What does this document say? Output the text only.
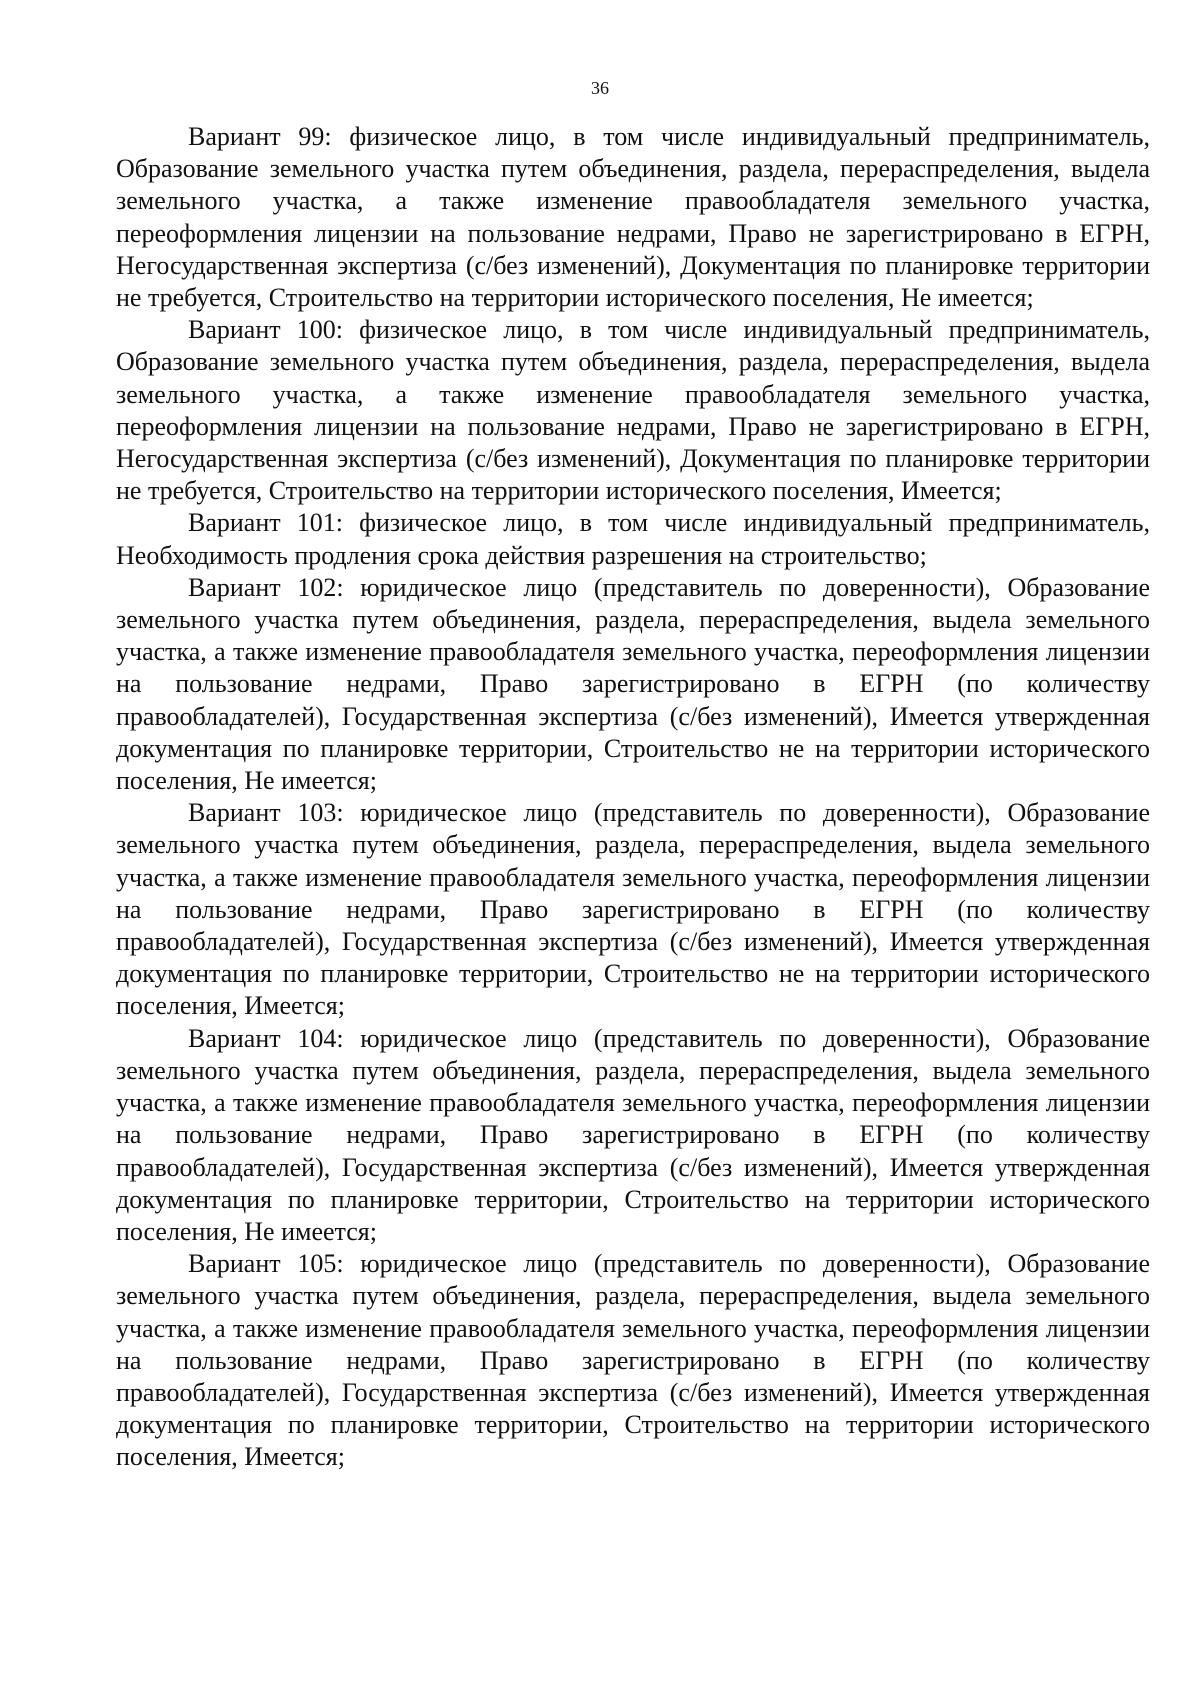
36

Вариант 99: физическое лицо, в том числе индивидуальный предприниматель, Образование земельного участка путем объединения, раздела, перераспределения, выдела земельного участка, а также изменение правообладателя земельного участка, переоформления лицензии на пользование недрами, Право не зарегистрировано в ЕГРН, Негосударственная экспертиза (с/без изменений), Документация по планировке территории не требуется, Строительство на территории исторического поселения, Не имеется;

Вариант 100: физическое лицо, в том числе индивидуальный предприниматель, Образование земельного участка путем объединения, раздела, перераспределения, выдела земельного участка, а также изменение правообладателя земельного участка, переоформления лицензии на пользование недрами, Право не зарегистрировано в ЕГРН, Негосударственная экспертиза (с/без изменений), Документация по планировке территории не требуется, Строительство на территории исторического поселения, Имеется;

Вариант 101: физическое лицо, в том числе индивидуальный предприниматель, Необходимость продления срока действия разрешения на строительство;

Вариант 102: юридическое лицо (представитель по доверенности), Образование земельного участка путем объединения, раздела, перераспределения, выдела земельного участка, а также изменение правообладателя земельного участка, переоформления лицензии на пользование недрами, Право зарегистрировано в ЕГРН (по количеству правообладателей), Государственная экспертиза (с/без изменений), Имеется утвержденная документация по планировке территории, Строительство не на территории исторического поселения, Не имеется;

Вариант 103: юридическое лицо (представитель по доверенности), Образование земельного участка путем объединения, раздела, перераспределения, выдела земельного участка, а также изменение правообладателя земельного участка, переоформления лицензии на пользование недрами, Право зарегистрировано в ЕГРН (по количеству правообладателей), Государственная экспертиза (с/без изменений), Имеется утвержденная документация по планировке территории, Строительство не на территории исторического поселения, Имеется;

Вариант 104: юридическое лицо (представитель по доверенности), Образование земельного участка путем объединения, раздела, перераспределения, выдела земельного участка, а также изменение правообладателя земельного участка, переоформления лицензии на пользование недрами, Право зарегистрировано в ЕГРН (по количеству правообладателей), Государственная экспертиза (с/без изменений), Имеется утвержденная документация по планировке территории, Строительство на территории исторического поселения, Не имеется;

Вариант 105: юридическое лицо (представитель по доверенности), Образование земельного участка путем объединения, раздела, перераспределения, выдела земельного участка, а также изменение правообладателя земельного участка, переоформления лицензии на пользование недрами, Право зарегистрировано в ЕГРН (по количеству правообладателей), Государственная экспертиза (с/без изменений), Имеется утвержденная документация по планировке территории, Строительство на территории исторического поселения, Имеется;
